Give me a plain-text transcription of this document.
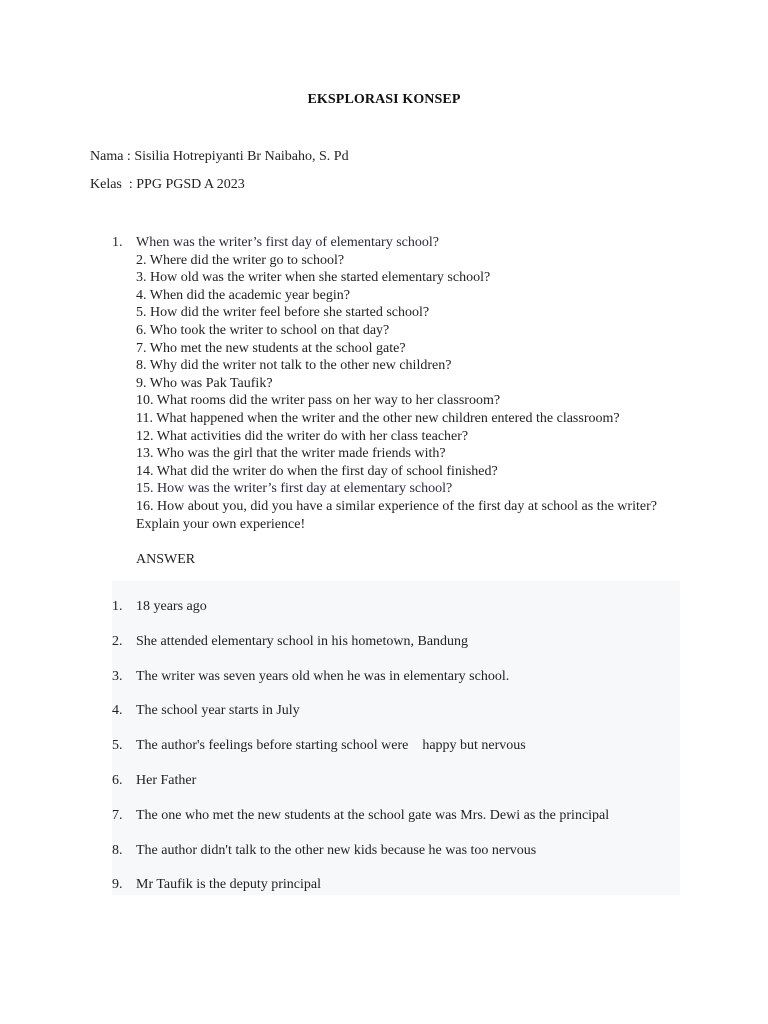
EKSPLORASI KONSEP
Nama : Sisilia Hotrepiyanti Br Naibaho, S. Pd
Kelas  : PPG PGSD A 2023
1. When was the writer’s first day of elementary school?
2. Where did the writer go to school?
3. How old was the writer when she started elementary school?
4. When did the academic year begin?
5. How did the writer feel before she started school?
6. Who took the writer to school on that day?
7. Who met the new students at the school gate?
8. Why did the writer not talk to the other new children?
9. Who was Pak Taufik?
10. What rooms did the writer pass on her way to her classroom?
11. What happened when the writer and the other new children entered the classroom?
12. What activities did the writer do with her class teacher?
13. Who was the girl that the writer made friends with?
14. What did the writer do when the first day of school finished?
15. How was the writer’s first day at elementary school?
16. How about you, did you have a similar experience of the first day at school as the writer? Explain your own experience!
ANSWER
1. 18 years ago
2. She attended elementary school in his hometown, Bandung
3. The writer was seven years old when he was in elementary school.
4. The school year starts in July
5. The author's feelings before starting school were    happy but nervous
6. Her Father
7. The one who met the new students at the school gate was Mrs. Dewi as the principal
8. The author didn't talk to the other new kids because he was too nervous
9. Mr Taufik is the deputy principal
